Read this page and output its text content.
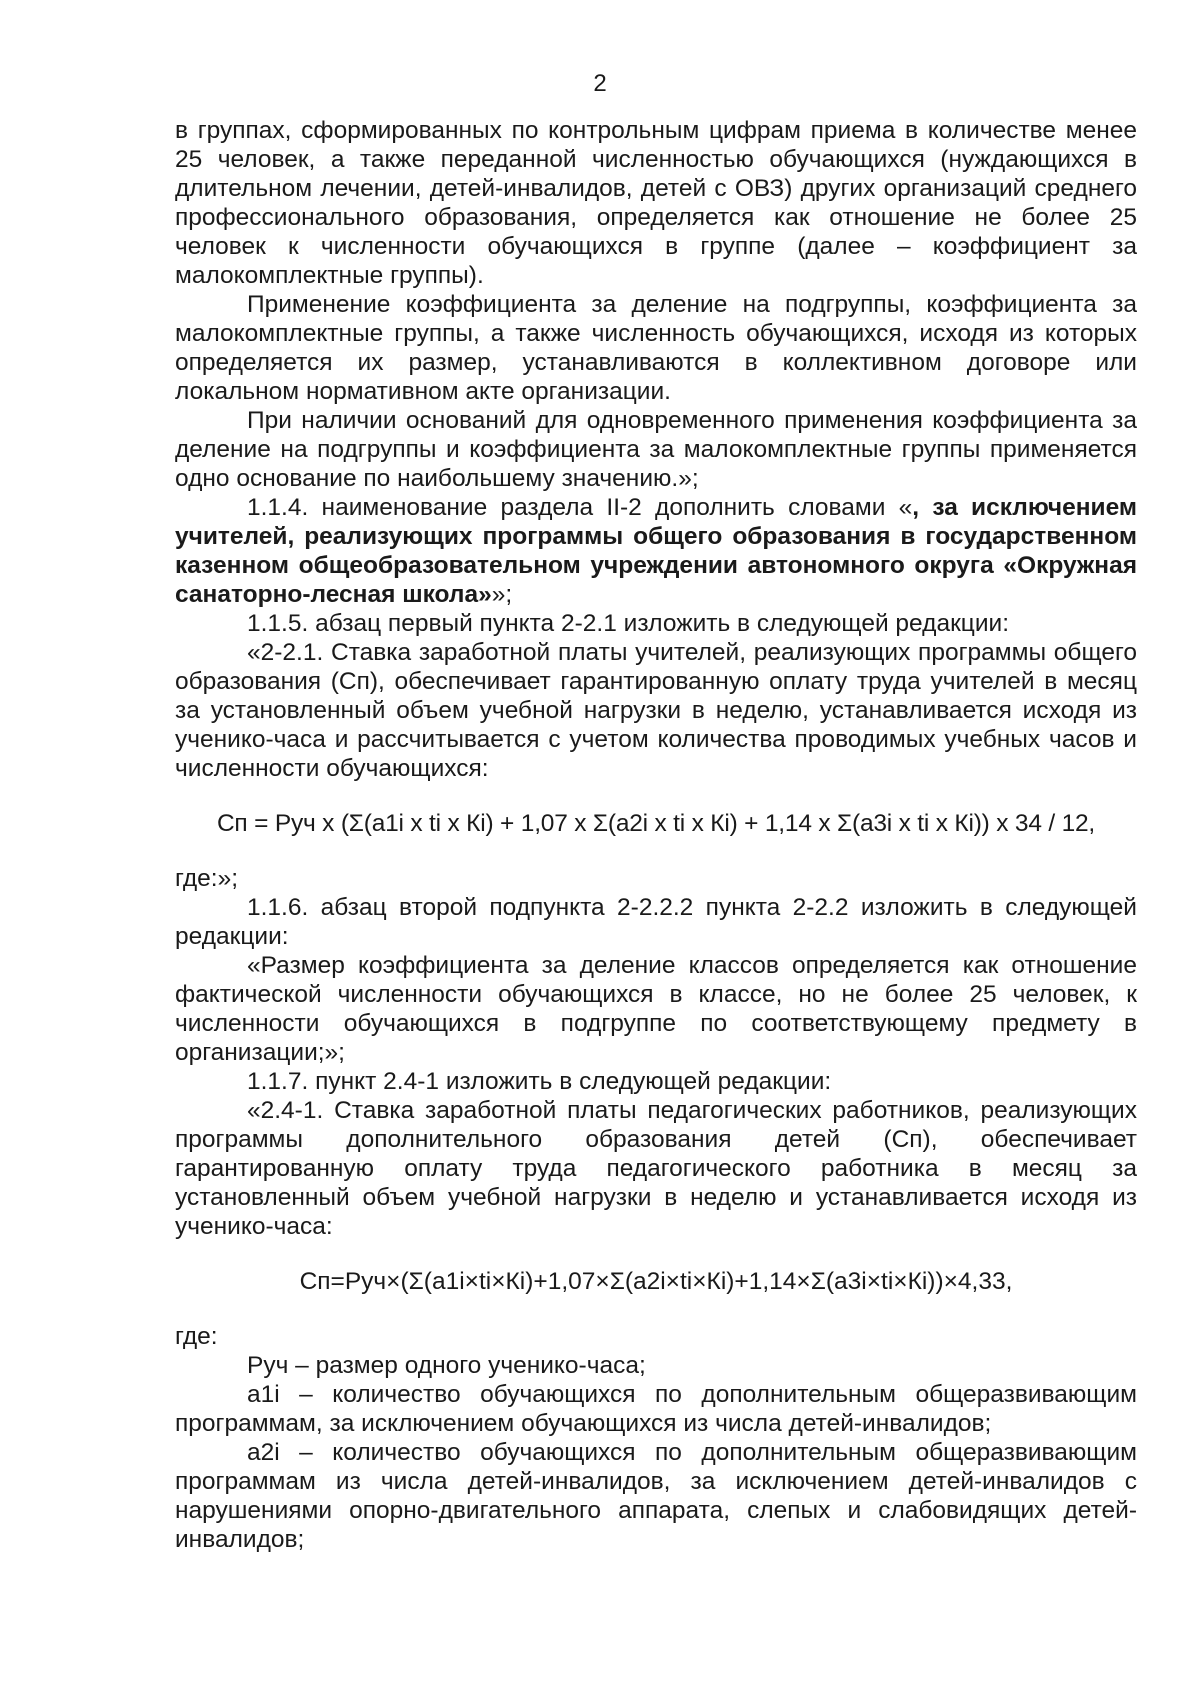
2

в группах, сформированных по контрольным цифрам приема в количестве менее 25 человек, а также переданной численностью обучающихся (нуждающихся в длительном лечении, детей-инвалидов, детей с ОВЗ) других организаций среднего профессионального образования, определяется как отношение не более 25 человек к численности обучающихся в группе (далее – коэффициент за малокомплектные группы).

Применение коэффициента за деление на подгруппы, коэффициента за малокомплектные группы, а также численность обучающихся, исходя из которых определяется их размер, устанавливаются в коллективном договоре или локальном нормативном акте организации.

При наличии оснований для одновременного применения коэффициента за деление на подгруппы и коэффициента за малокомплектные группы применяется одно основание по наибольшему значению.»;

1.1.4. наименование раздела II-2 дополнить словами «, за исключением учителей, реализующих программы общего образования в государственном казенном общеобразовательном учреждении автономного округа «Окружная санаторно-лесная школа»»;

1.1.5. абзац первый пункта 2-2.1 изложить в следующей редакции:

«2-2.1. Ставка заработной платы учителей, реализующих программы общего образования (Сп), обеспечивает гарантированную оплату труда учителей в месяц за установленный объем учебной нагрузки в неделю, устанавливается исходя из ученико-часа и рассчитывается с учетом количества проводимых учебных часов и численности обучающихся:

Сп = Руч х (Σ(а1i х ti х Кi) + 1,07 х Σ(а2i х ti х Кi) + 1,14 х Σ(а3i х ti х Кi)) х 34 / 12,

где:»;

1.1.6. абзац второй подпункта 2-2.2.2 пункта 2-2.2 изложить в следующей редакции:

«Размер коэффициента за деление классов определяется как отношение фактической численности обучающихся в классе, но не более 25 человек, к численности обучающихся в подгруппе по соответствующему предмету в организации;»;

1.1.7. пункт 2.4-1 изложить в следующей редакции:

«2.4-1. Ставка заработной платы педагогических работников, реализующих программы дополнительного образования детей (Сп), обеспечивает гарантированную оплату труда педагогического работника в месяц за установленный объем учебной нагрузки в неделю и устанавливается исходя из ученико-часа:

Сп=Руч×(Σ(а1i×ti×Кi)+1,07×Σ(а2i×ti×Кi)+1,14×Σ(а3i×ti×Кi))×4,33,

где:

Руч – размер одного ученико-часа;

а1i – количество обучающихся по дополнительным общеразвивающим программам, за исключением обучающихся из числа детей-инвалидов;

а2i – количество обучающихся по дополнительным общеразвивающим программам из числа детей-инвалидов, за исключением детей-инвалидов с нарушениями опорно-двигательного аппарата, слепых и слабовидящих детей-инвалидов;
